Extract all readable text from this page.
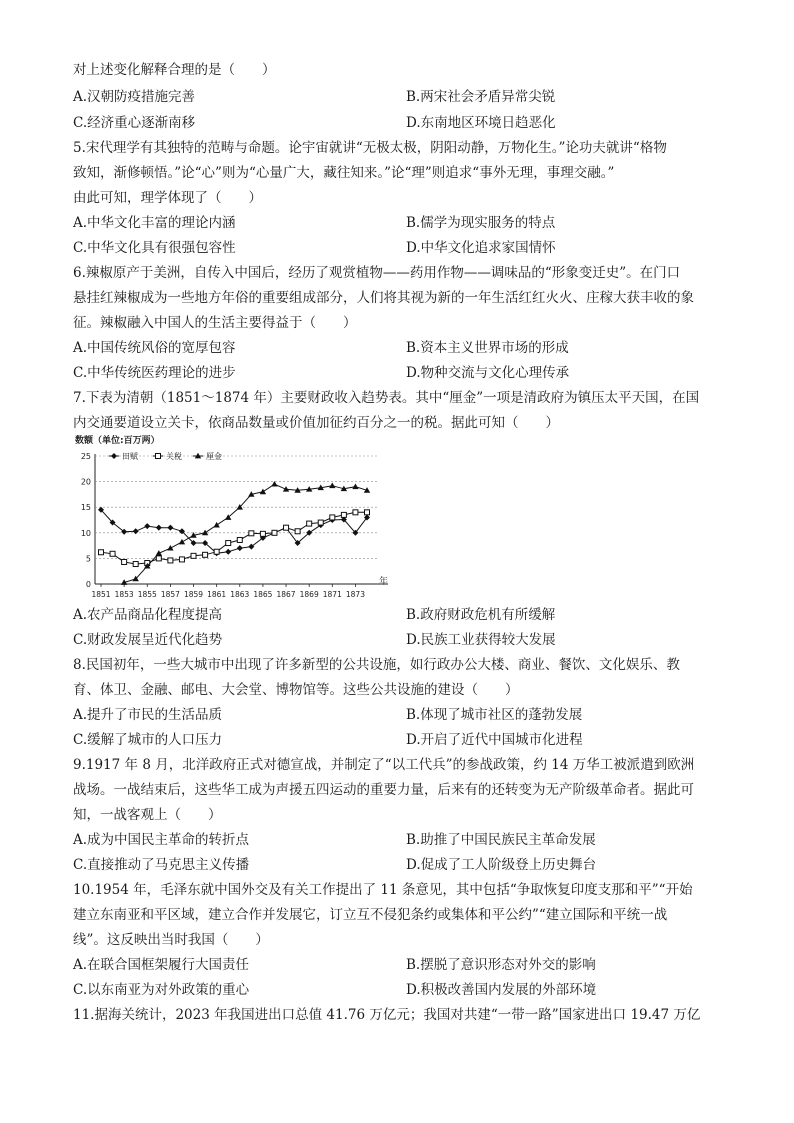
对上述变化解释合理的是（　　）
A.汉朝防疫措施完善	B.两宋社会矛盾异常尖锐
C.经济重心逐渐南移	D.东南地区环境日趋恶化
5.宋代理学有其独特的范畴与命题。论宇宙就讲“无极太极，阴阳动静，万物化生。”论功夫就讲“格物
致知，渐修顿悟。”论“心”则为“心量广大，藏往知来。”论“理”则追求“事外无理，事理交融。”
由此可知，理学体现了（　　）
A.中华文化丰富的理论内涵	B.儒学为现实服务的特点
C.中华文化具有很强包容性	D.中华文化追求家国情怀
6.辣椒原产于美洲，自传入中国后，经历了观赏植物——药用作物——调味品的“形象变迁史”。在门口
悬挂红辣椒成为一些地方年俗的重要组成部分，人们将其视为新的一年生活红红火火、庄稼大获丰收的象
征。辣椒融入中国人的生活主要得益于（　　）
A.中国传统风俗的宽厚包容	B.资本主义世界市场的形成
C.中华传统医药理论的进步	D.物种交流与文化心理传承
7.下表为清朝（1851～1874 年）主要财政收入趋势表。其中“厘金”一项是清政府为镇压太平天国，在国
内交通要道设立关卡，依商品数量或价值加征约百分之一的税。据此可知（　　）
数额（单位:百万两）
0
5
10
15
20
25
1851 1853 1855 1857 1859 1861 1863 1865 1867 1869 1871 1873
田赋	关税	厘金
年
A.农产品商品化程度提高	B.政府财政危机有所缓解
C.财政发展呈近代化趋势	D.民族工业获得较大发展
8.民国初年，一些大城市中出现了许多新型的公共设施，如行政办公大楼、商业、餐饮、文化娱乐、教
育、体卫、金融、邮电、大会堂、博物馆等。这些公共设施的建设（　　）
A.提升了市民的生活品质	B.体现了城市社区的蓬勃发展
C.缓解了城市的人口压力	D.开启了近代中国城市化进程
9.1917 年 8 月，北洋政府正式对德宣战，并制定了“以工代兵”的参战政策，约 14 万华工被派遣到欧洲
战场。一战结束后，这些华工成为声援五四运动的重要力量，后来有的还转变为无产阶级革命者。据此可
知，一战客观上（　　）
A.成为中国民主革命的转折点	B.助推了中国民族民主革命发展
C.直接推动了马克思主义传播	D.促成了工人阶级登上历史舞台
10.1954 年，毛泽东就中国外交及有关工作提出了 11 条意见，其中包括“争取恢复印度支那和平”“开始
建立东南亚和平区域，建立合作并发展它，订立互不侵犯条约或集体和平公约”“建立国际和平统一战
线”。这反映出当时我国（　　）
A.在联合国框架履行大国责任	B.摆脱了意识形态对外交的影响
C.以东南亚为对外政策的重心	D.积极改善国内发展的外部环境
11.据海关统计，2023 年我国进出口总值 41.76 万亿元；我国对共建“一带一路”国家进出口 19.47 万亿
